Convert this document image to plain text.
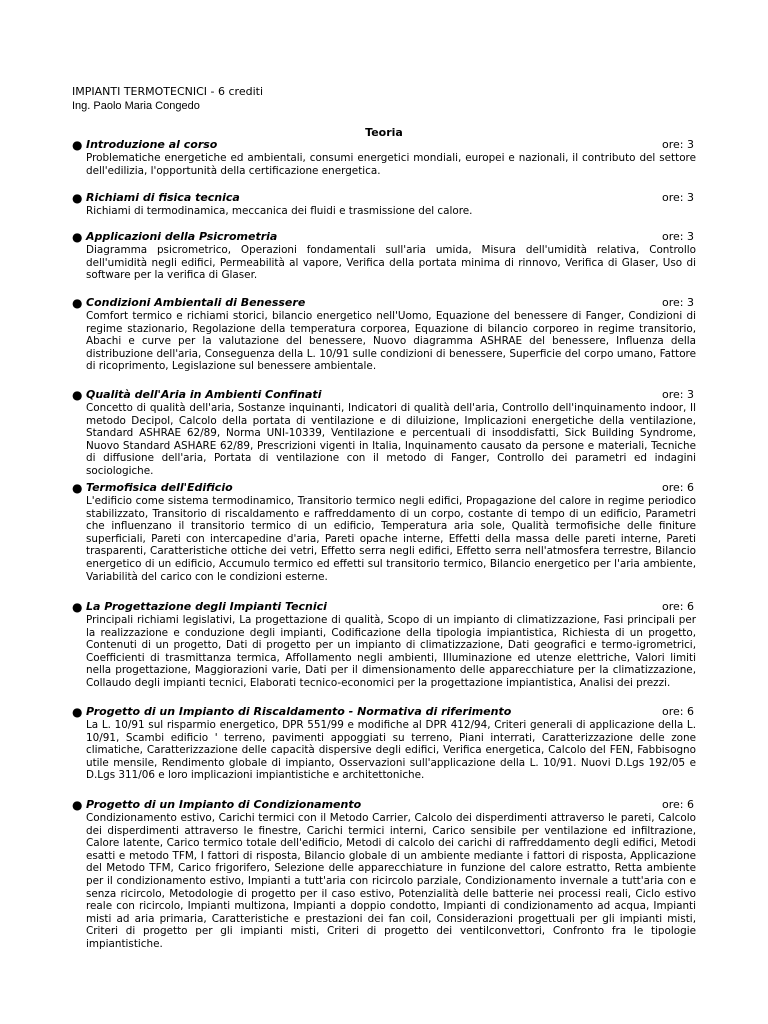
IMPIANTI TERMOTECNICI - 6 crediti
Ing. Paolo Maria Congedo
Teoria
● Introduzione al corso	ore: 3
Problematiche energetiche ed ambientali, consumi energetici mondiali, europei e nazionali, il contributo del settore dell'edilizia, l'opportunità della certificazione energetica.
● Richiami di fisica tecnica	ore: 3
Richiami di termodinamica, meccanica dei fluidi e trasmissione del calore.
● Applicazioni della Psicrometria	ore: 3
Diagramma psicrometrico, Operazioni fondamentali sull'aria umida, Misura dell'umidità relativa, Controllo dell'umidità negli edifici, Permeabilità al vapore, Verifica della portata minima di rinnovo, Verifica di Glaser, Uso di software per la verifica di Glaser.
● Condizioni Ambientali di Benessere	ore: 3
Comfort termico e richiami storici, bilancio energetico nell'Uomo, Equazione del benessere di Fanger, Condizioni di regime stazionario, Regolazione della temperatura corporea, Equazione di bilancio corporeo in regime transitorio, Abachi e curve per la valutazione del benessere, Nuovo diagramma ASHRAE del benessere, Influenza della distribuzione dell'aria, Conseguenza della L. 10/91 sulle condizioni di benessere, Superficie del corpo umano, Fattore di ricoprimento, Legislazione sul benessere ambientale.
● Qualità dell'Aria in Ambienti Confinati	ore: 3
Concetto di qualità dell'aria, Sostanze inquinanti, Indicatori di qualità dell'aria, Controllo dell'inquinamento indoor, Il metodo Decipol, Calcolo della portata di ventilazione e di diluizione, Implicazioni energetiche della ventilazione, Standard ASHRAE 62/89, Norma UNI-10339, Ventilazione e percentuali di insoddisfatti, Sick Building Syndrome, Nuovo Standard ASHARE 62/89, Prescrizioni vigenti in Italia, Inquinamento causato da persone e materiali, Tecniche di diffusione dell'aria, Portata di ventilazione con il metodo di Fanger, Controllo dei parametri ed indagini sociologiche.
● Termofisica dell'Edificio	ore: 6
L'edificio come sistema termodinamico, Transitorio termico negli edifici, Propagazione del calore in regime periodico stabilizzato, Transitorio di riscaldamento e raffreddamento di un corpo, costante di tempo di un edificio, Parametri che influenzano il transitorio termico di un edificio, Temperatura aria sole, Qualità termofisiche delle finiture superficiali, Pareti con intercapedine d'aria, Pareti opache interne, Effetti della massa delle pareti interne, Pareti trasparenti, Caratteristiche ottiche dei vetri, Effetto serra negli edifici, Effetto serra nell'atmosfera terrestre, Bilancio energetico di un edificio, Accumulo termico ed effetti sul transitorio termico, Bilancio energetico per l'aria ambiente, Variabilità del carico con le condizioni esterne.
● La Progettazione degli Impianti Tecnici	ore: 6
Principali richiami legislativi, La progettazione di qualità, Scopo di un impianto di climatizzazione, Fasi principali per la realizzazione e conduzione degli impianti, Codificazione della tipologia impiantistica, Richiesta di un progetto, Contenuti di un progetto, Dati di progetto per un impianto di climatizzazione, Dati geografici e termo-igrometrici, Coefficienti di trasmittanza termica, Affollamento negli ambienti, Illuminazione ed utenze elettriche, Valori limiti nella progettazione, Maggiorazioni varie, Dati per il dimensionamento delle apparecchiature per la climatizzazione, Collaudo degli impianti tecnici, Elaborati tecnico-economici per la progettazione impiantistica, Analisi dei prezzi.
● Progetto di un Impianto di Riscaldamento - Normativa di riferimento	ore: 6
La L. 10/91 sul risparmio energetico, DPR 551/99 e modifiche al DPR 412/94, Criteri generali di applicazione della L. 10/91, Scambi edificio ' terreno, pavimenti appoggiati su terreno, Piani interrati, Caratterizzazione delle zone climatiche, Caratterizzazione delle capacità dispersive degli edifici, Verifica energetica, Calcolo del FEN, Fabbisogno utile mensile, Rendimento globale di impianto, Osservazioni sull'applicazione della L. 10/91. Nuovi D.Lgs 192/05 e D.Lgs 311/06 e loro implicazioni impiantistiche e architettoniche.
● Progetto di un Impianto di Condizionamento	ore: 6
Condizionamento estivo, Carichi termici con il Metodo Carrier, Calcolo dei disperdimenti attraverso le pareti, Calcolo dei disperdimenti attraverso le finestre, Carichi termici interni, Carico sensibile per ventilazione ed infiltrazione, Calore latente, Carico termico totale dell'edificio, Metodi di calcolo dei carichi di raffreddamento degli edifici, Metodi esatti e metodo TFM, I fattori di risposta, Bilancio globale di un ambiente mediante i fattori di risposta, Applicazione del Metodo TFM, Carico frigorifero, Selezione delle apparecchiature in funzione del calore estratto, Retta ambiente per il condizionamento estivo, Impianti a tutt'aria con ricircolo parziale, Condizionamento invernale a tutt'aria con e senza ricircolo, Metodologie di progetto per il caso estivo, Potenzialità delle batterie nei processi reali, Ciclo estivo reale con ricircolo, Impianti multizona, Impianti a doppio condotto, Impianti di condizionamento ad acqua, Impianti misti ad aria primaria, Caratteristiche e prestazioni dei fan coil, Considerazioni progettuali per gli impianti misti, Criteri di progetto per gli impianti misti, Criteri di progetto dei ventilconvettori, Confronto fra le tipologie impiantistiche.
